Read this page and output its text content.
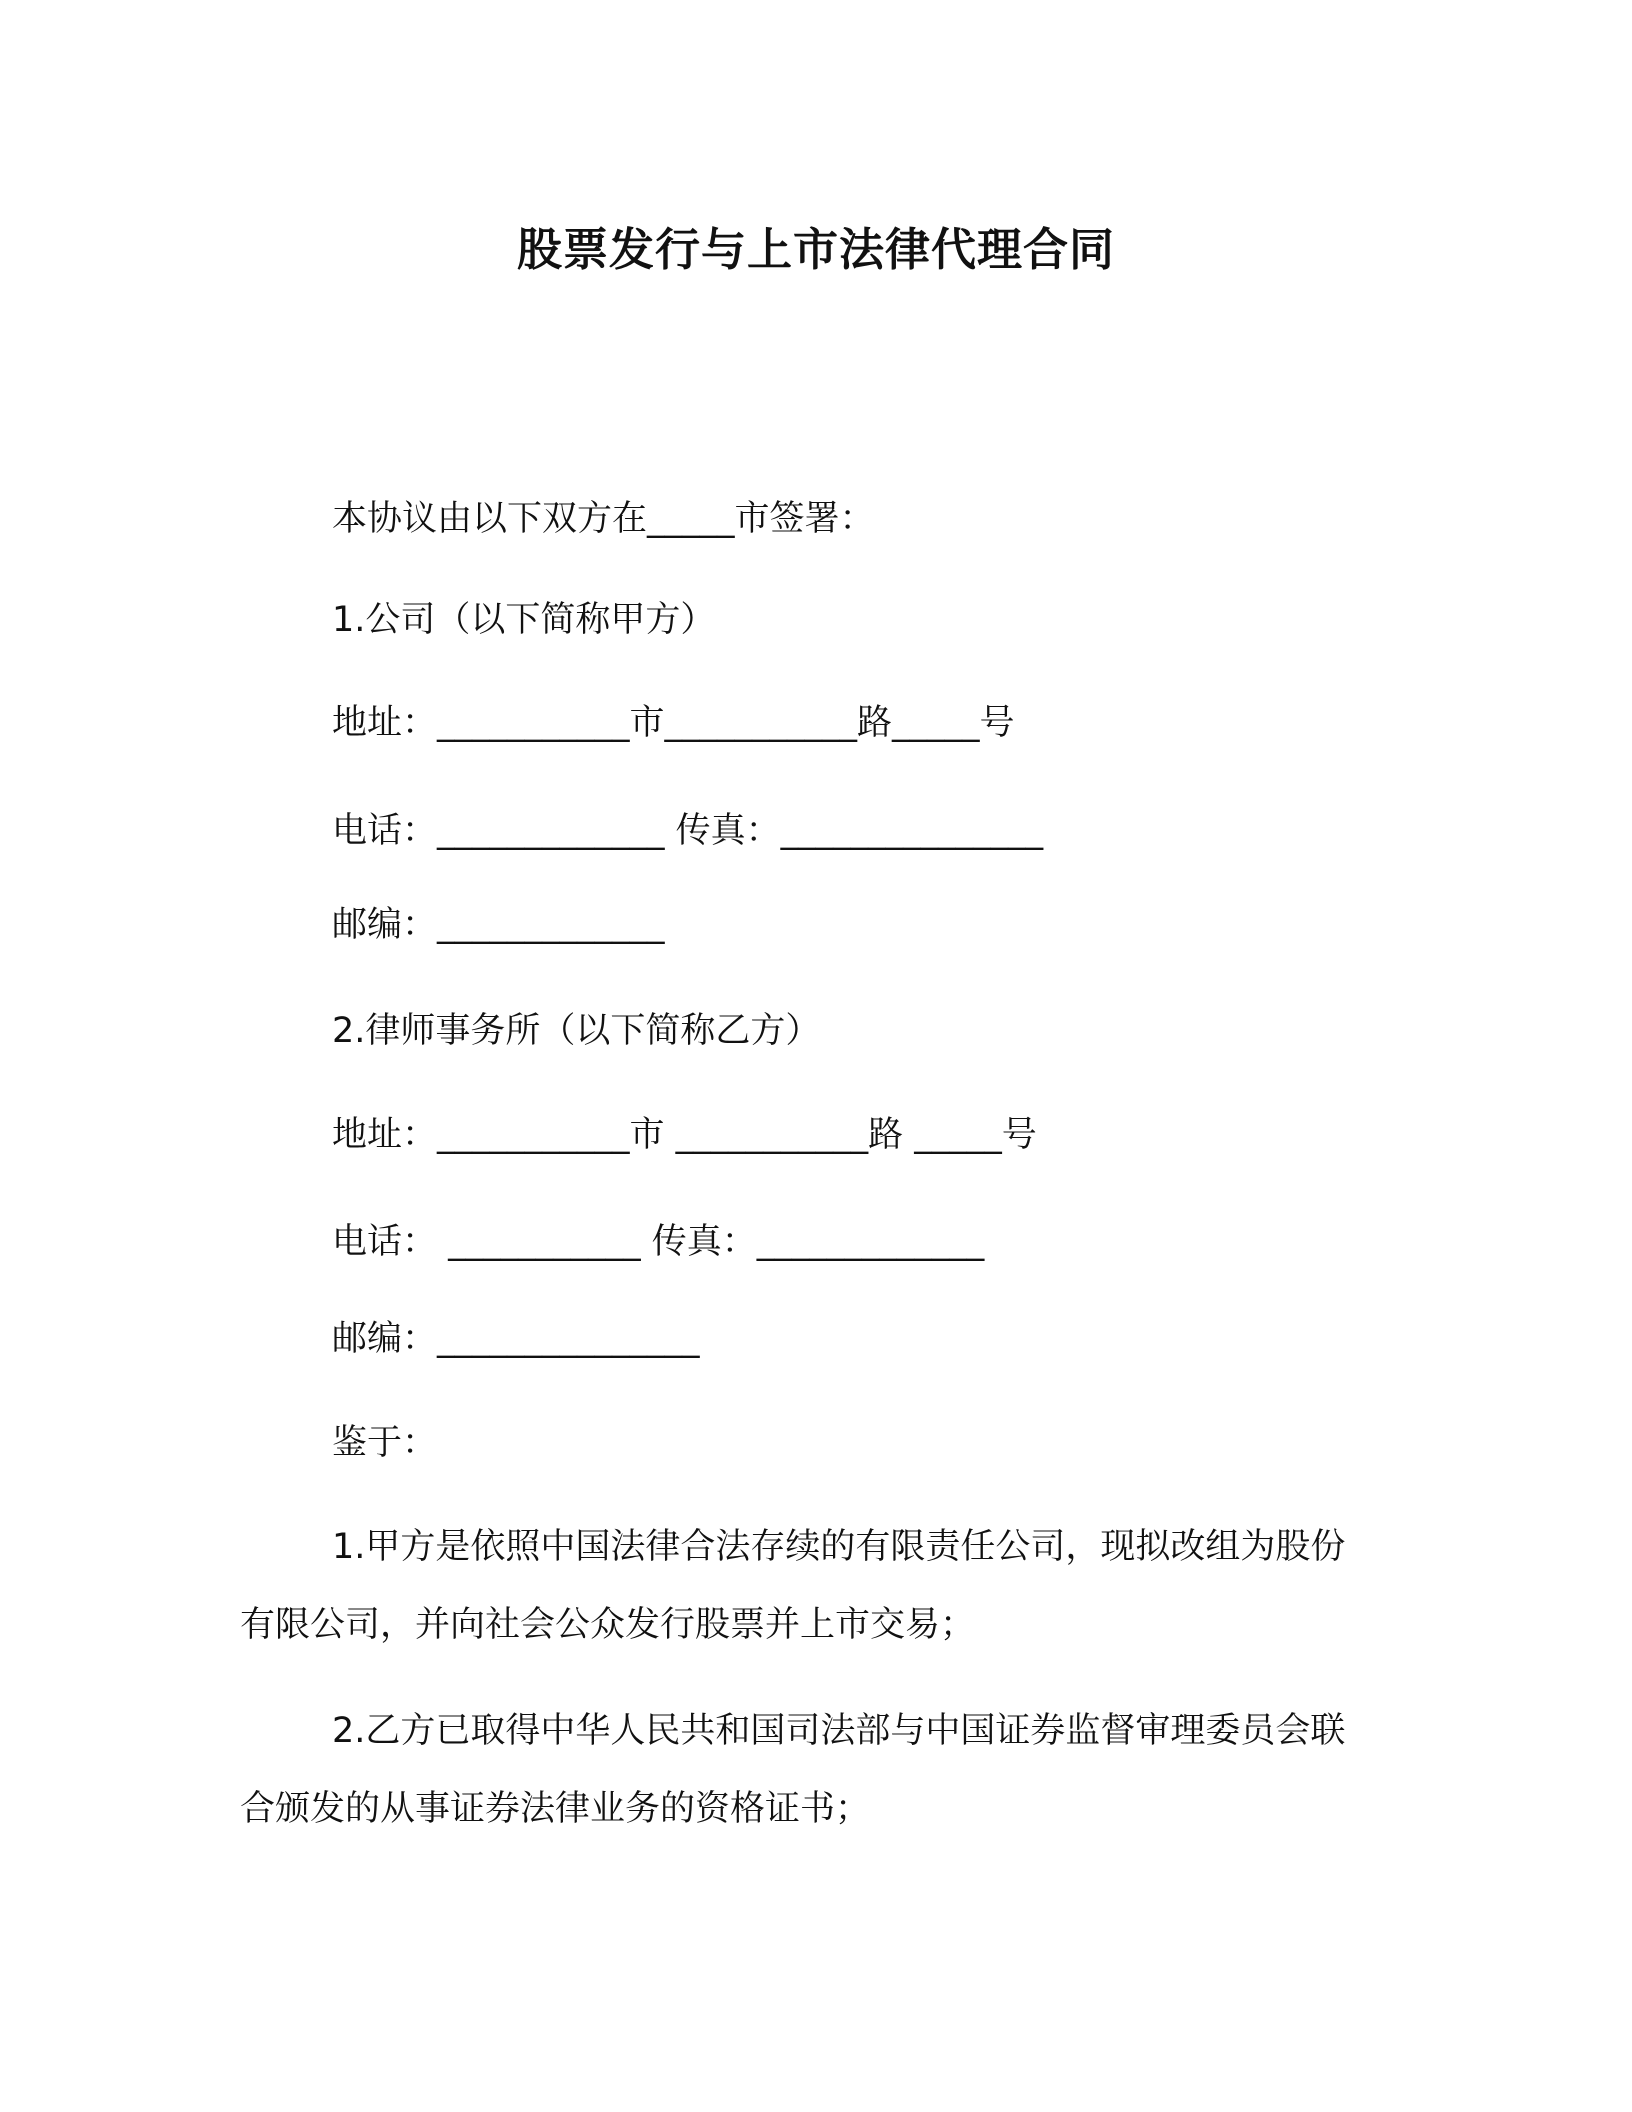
股票发行与上市法律代理合同
本协议由以下双方在_____市签署：
1.公司（以下简称甲方）
地址：___________市___________路_____号
电话：_____________ 传真：_______________
邮编：_____________
2.律师事务所（以下简称乙方）
地址：___________市 ___________路 _____号
电话： ___________ 传真：_____________
邮编：_______________
鉴于：
1.甲方是依照中国法律合法存续的有限责任公司，现拟改组为股份有限公司，并向社会公众发行股票并上市交易；
2.乙方已取得中华人民共和国司法部与中国证券监督审理委员会联合颁发的从事证券法律业务的资格证书；
